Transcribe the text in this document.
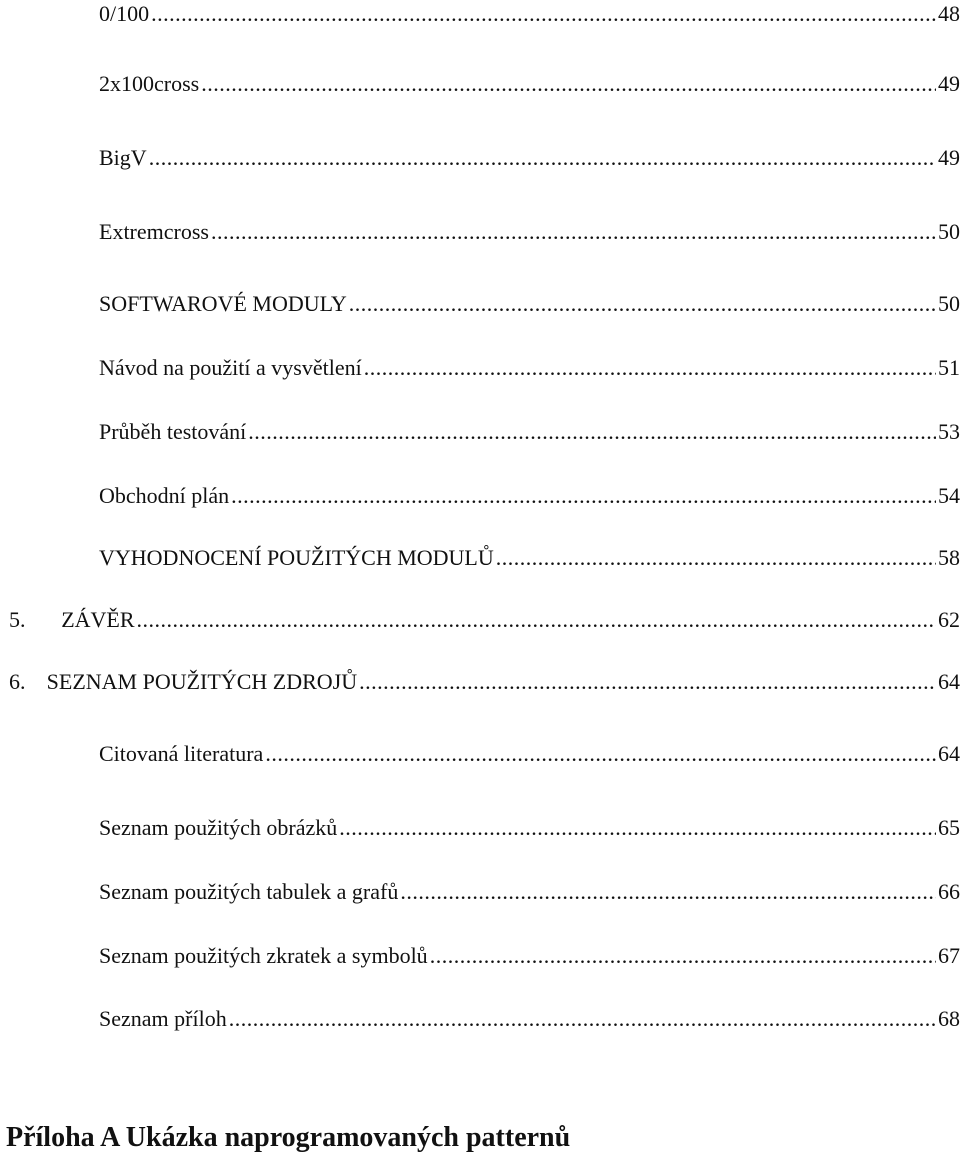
0/100 .....	48
2x100cross .....	49
BigV .....	49
Extremcross .....	50
SOFTWAROVÉ MODULY .....	50
Návod na použití a vysvětlení .....	51
Průběh testování .....	53
Obchodní plán .....	54
VYHODNOCENÍ POUŽITÝCH MODULŮ .....	58
5.	ZÁVĚR .....	62
6. SEZNAM POUŽITÝCH ZDROJŮ .....	64
Citovaná literatura .....	64
Seznam použitých obrázků .....	65
Seznam použitých tabulek a grafů .....	66
Seznam použitých zkratek a symbolů .....	67
Seznam příloh .....	68
Příloha A Ukázka naprogramovaných patternů
